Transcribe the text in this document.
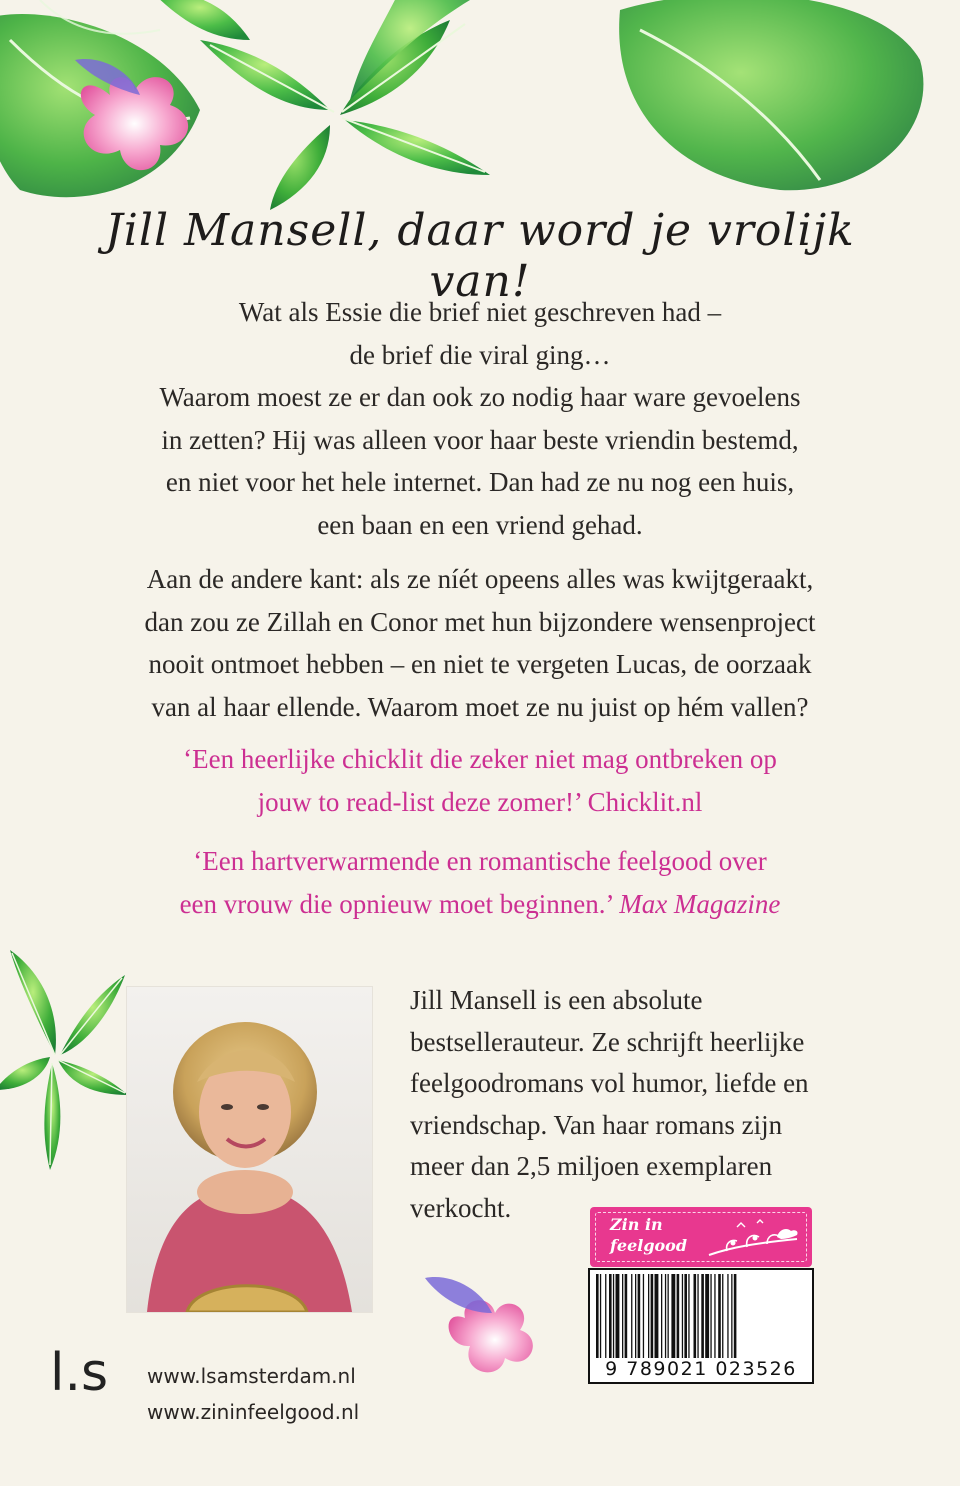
Jill Mansell, daar word je vrolijk van!

Wat als Essie die brief niet geschreven had –

de brief die viral ging…

Waarom moest ze er dan ook zo nodig haar ware gevoelens

in zetten? Hij was alleen voor haar beste vriendin bestemd,

en niet voor het hele internet. Dan had ze nu nog een huis,

een baan en een vriend gehad.

Aan de andere kant: als ze níét opeens alles was kwijtgeraakt,

dan zou ze Zillah en Conor met hun bijzondere wensenproject

nooit ontmoet hebben – en niet te vergeten Lucas, de oorzaak

van al haar ellende. Waarom moet ze nu juist op hém vallen?

‘Een heerlijke chicklit die zeker niet mag ontbreken op

jouw to read-list deze zomer!’ Chicklit.nl

‘Een hartverwarmende en romantische feelgood over

een vrouw die opnieuw moet beginnen.’ Max Magazine

Jill Mansell is een absolute

bestsellerauteur. Ze schrijft heerlijke

feelgoodromans vol humor, liefde en

vriendschap. Van haar romans zijn

meer dan 2,5 miljoen exemplaren

verkocht.

Zin in
feelgood
9 789021 023526
l.s www.lsamsterdam.nl
www.zininfeelgood.nl
